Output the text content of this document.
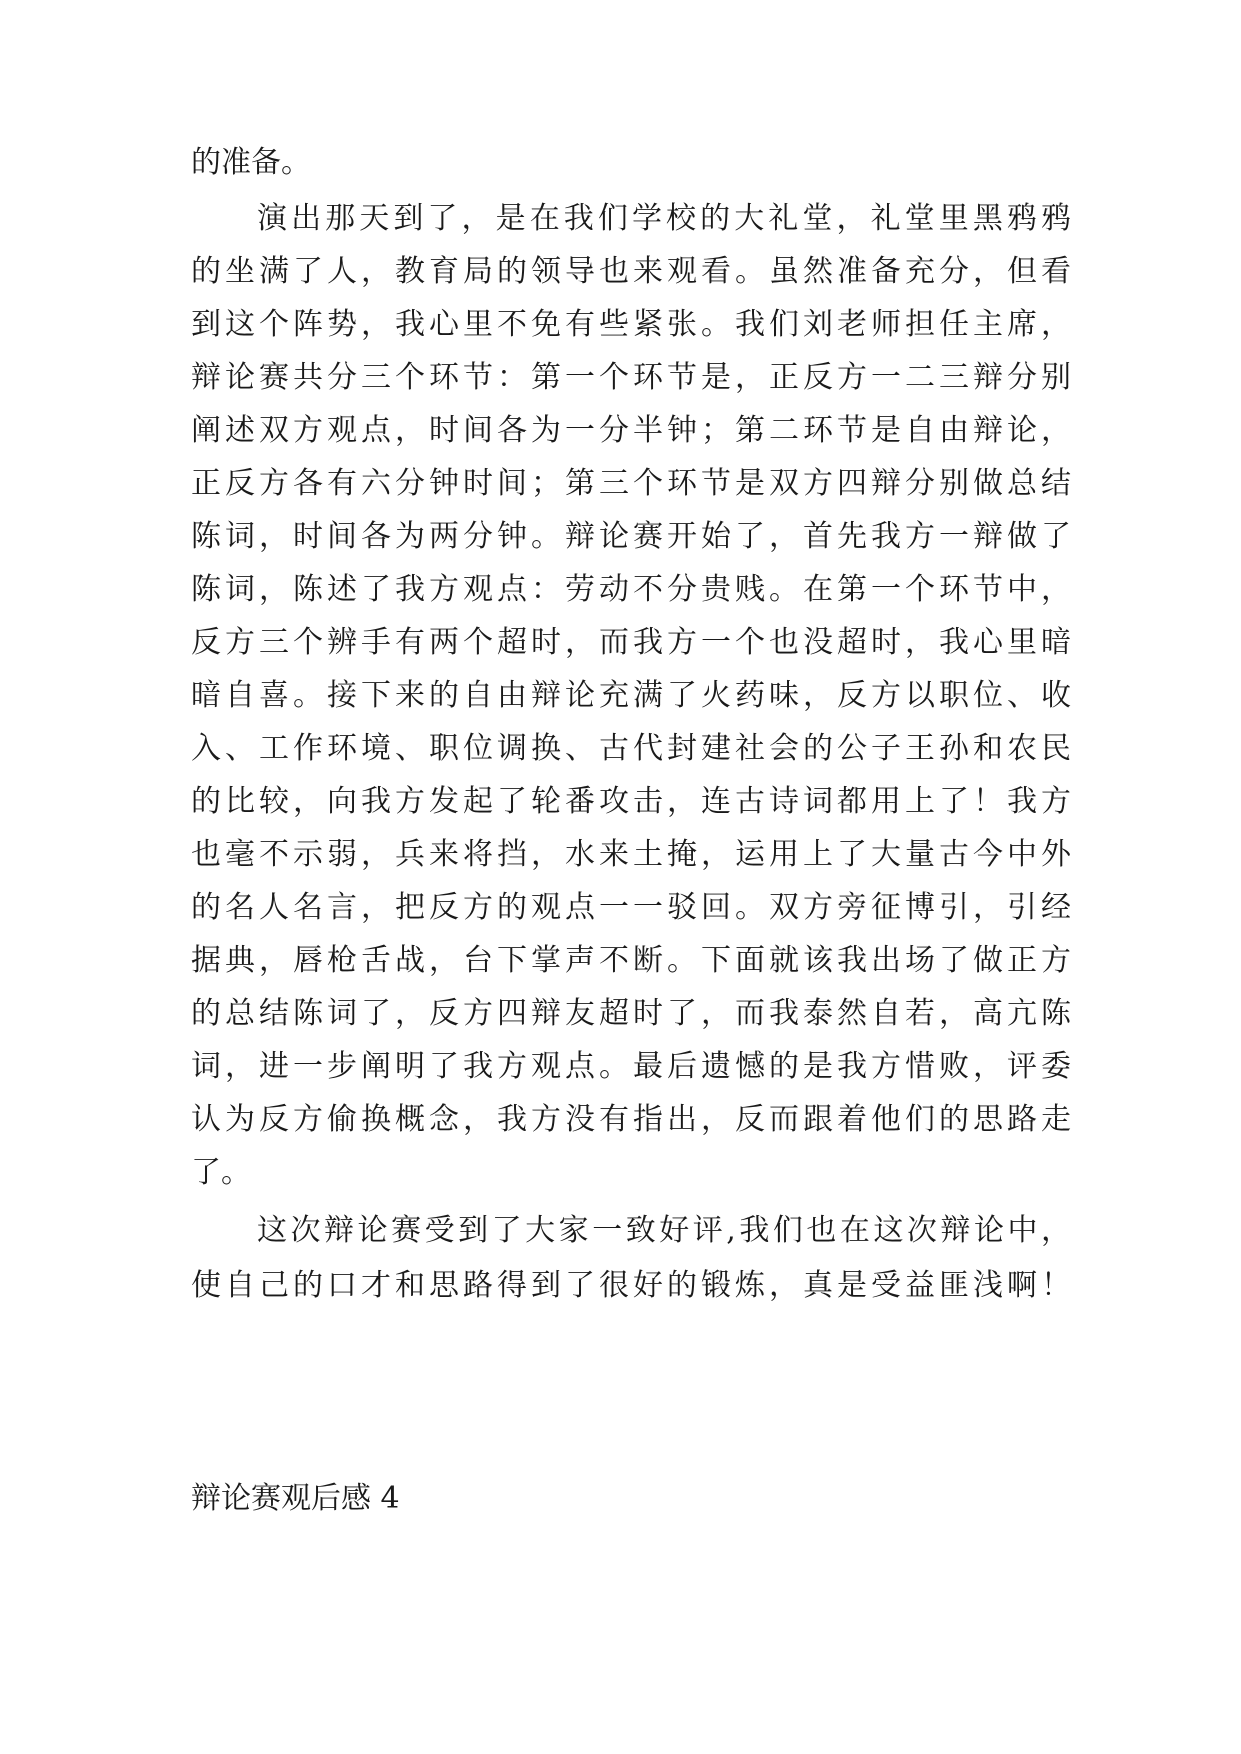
的准备。
演出那天到了，是在我们学校的大礼堂，礼堂里黑鸦鸦
的坐满了人，教育局的领导也来观看。虽然准备充分，但看
到这个阵势，我心里不免有些紧张。我们刘老师担任主席，
辩论赛共分三个环节：第一个环节是，正反方一二三辩分别
阐述双方观点，时间各为一分半钟；第二环节是自由辩论，
正反方各有六分钟时间；第三个环节是双方四辩分别做总结
陈词，时间各为两分钟。辩论赛开始了，首先我方一辩做了
陈词，陈述了我方观点：劳动不分贵贱。在第一个环节中，
反方三个辨手有两个超时，而我方一个也没超时，我心里暗
暗自喜。接下来的自由辩论充满了火药味，反方以职位、收
入、工作环境、职位调换、古代封建社会的公子王孙和农民
的比较，向我方发起了轮番攻击，连古诗词都用上了！我方
也毫不示弱，兵来将挡，水来土掩，运用上了大量古今中外
的名人名言，把反方的观点一一驳回。双方旁征博引，引经
据典，唇枪舌战，台下掌声不断。下面就该我出场了做正方
的总结陈词了，反方四辩友超时了，而我泰然自若，高亢陈
词，进一步阐明了我方观点。最后遗憾的是我方惜败，评委
认为反方偷换概念，我方没有指出，反而跟着他们的思路走
了。
这次辩论赛受到了大家一致好评,我们也在这次辩论中，
使自己的口才和思路得到了很好的锻炼，真是受益匪浅啊！
辩论赛观后感 4
